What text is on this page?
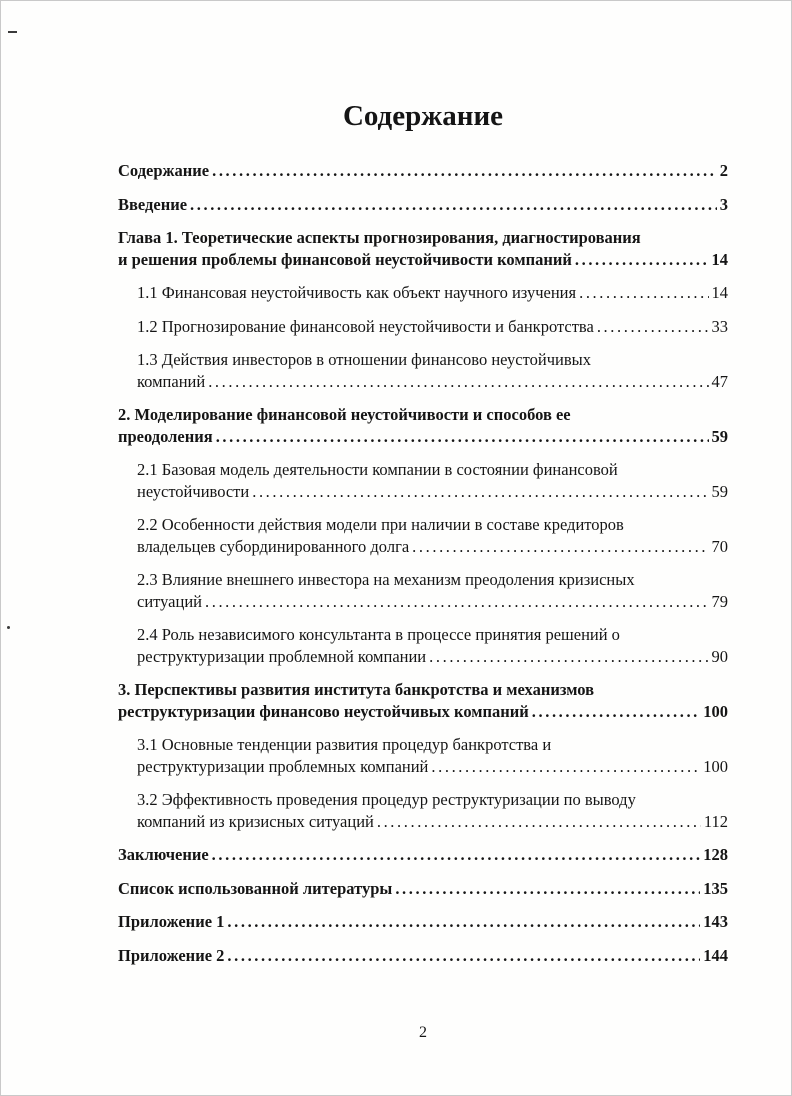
Содержание
Содержание .....	2
Введение .....	3
Глава 1. Теоретические аспекты прогнозирования, диагностирования
и решения проблемы финансовой неустойчивости компаний .....	14
1.1 Финансовая неустойчивость как объект научного изучения .....	14
1.2 Прогнозирование финансовой неустойчивости и банкротства .....	33
1.3 Действия инвесторов в отношении финансово неустойчивых
компаний .....	47
2. Моделирование финансовой неустойчивости и способов ее
преодоления .....	59
2.1 Базовая модель деятельности компании в состоянии финансовой
неустойчивости .....	59
2.2 Особенности действия модели при наличии в составе кредиторов
владельцев субординированного долга .....	70
2.3 Влияние внешнего инвестора на механизм преодоления кризисных
ситуаций .....	79
2.4 Роль независимого консультанта в процессе принятия решений о
реструктуризации проблемной компании .....	90
3. Перспективы развития института банкротства и механизмов
реструктуризации финансово неустойчивых компаний .....	100
3.1 Основные тенденции развития процедур банкротства и
реструктуризации проблемных компаний .....	100
3.2 Эффективность проведения процедур реструктуризации по выводу
компаний из кризисных ситуаций .....	112
Заключение .....	128
Список использованной литературы .....	135
Приложение 1 .....	143
Приложение 2 .....	144
2
